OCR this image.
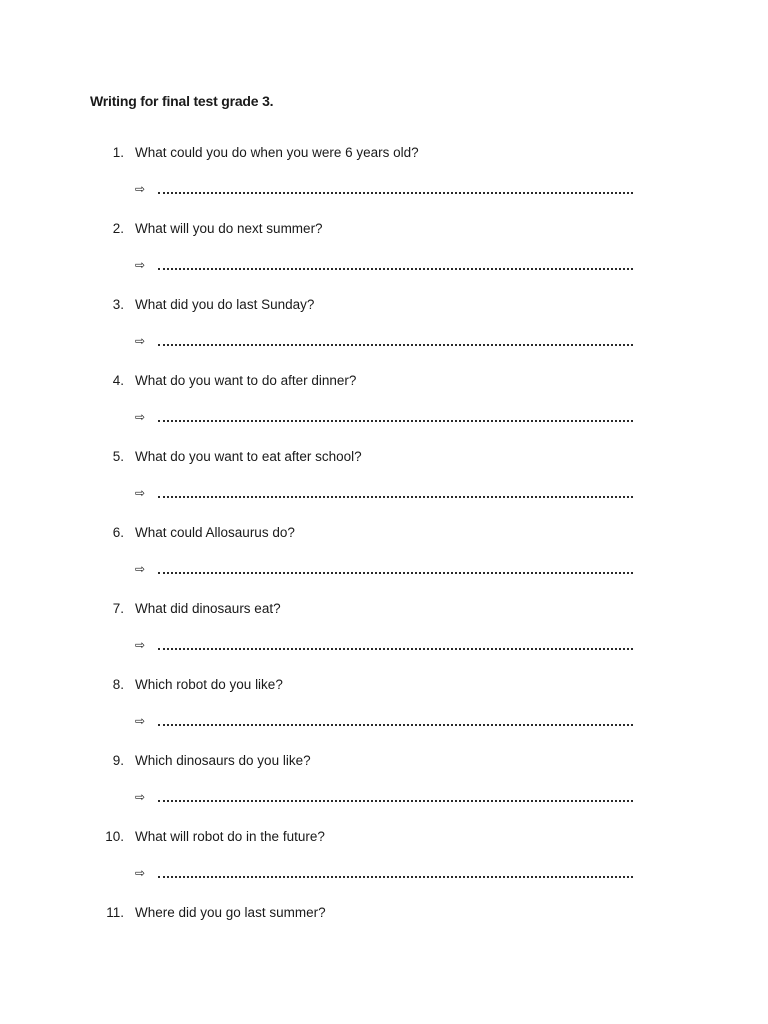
Writing for final test grade 3.
1. What could you do when you were 6 years old?
⇨
2. What will you do next summer?
⇨
3. What did you do last Sunday?
⇨
4. What do you want to do after dinner?
⇨
5. What do you want to eat after school?
⇨
6. What could Allosaurus do?
⇨
7. What did dinosaurs eat?
⇨
8. Which robot do you like?
⇨
9. Which dinosaurs do you like?
⇨
10. What will robot do in the future?
⇨
11. Where did you go last summer?
